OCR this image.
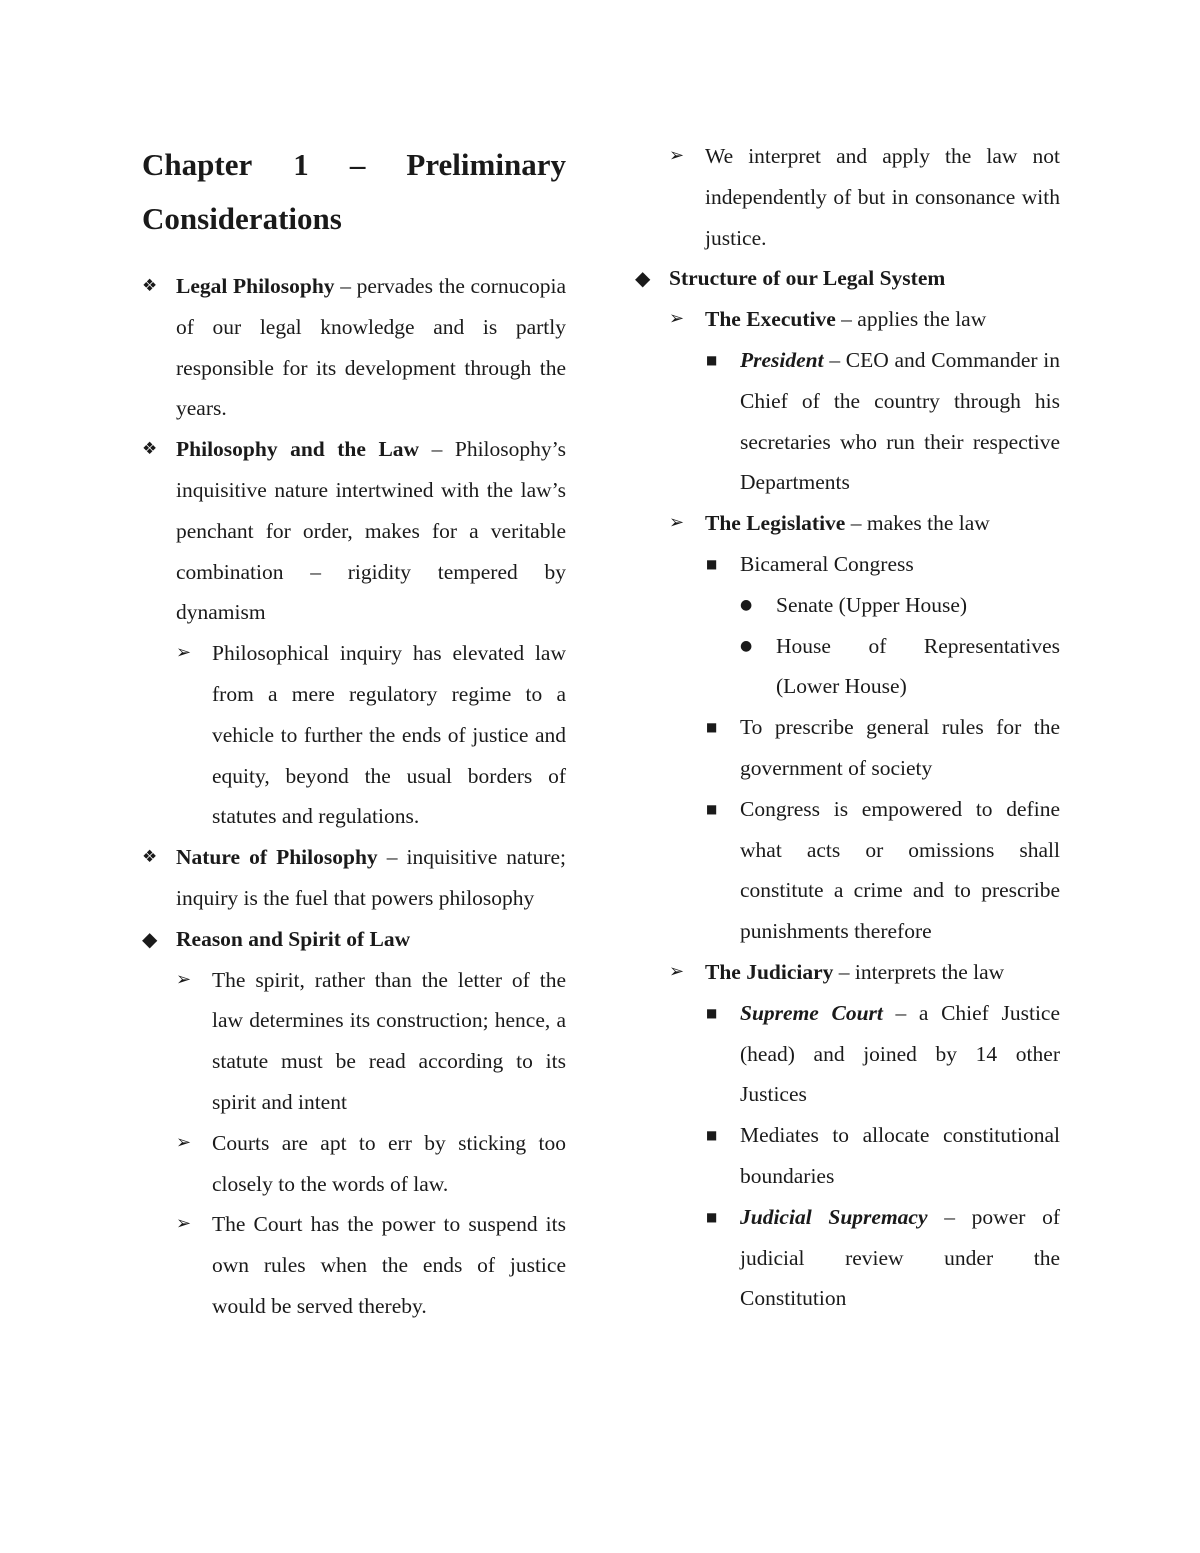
Chapter 1 – Preliminary
Considerations
❖ Legal Philosophy – pervades the cornucopia of our legal knowledge and is partly responsible for its development through the years.
❖ Philosophy and the Law – Philosophy’s inquisitive nature intertwined with the law’s penchant for order, makes for a veritable combination – rigidity tempered by dynamism
➢ Philosophical inquiry has elevated law from a mere regulatory regime to a vehicle to further the ends of justice and equity, beyond the usual borders of statutes and regulations.
❖ Nature of Philosophy – inquisitive nature; inquiry is the fuel that powers philosophy
◆ Reason and Spirit of Law
➢ The spirit, rather than the letter of the law determines its construction; hence, a statute must be read according to its spirit and intent
➢ Courts are apt to err by sticking too closely to the words of law.
➢ The Court has the power to suspend its own rules when the ends of justice would be served thereby.
➢ We interpret and apply the law not independently of but in consonance with justice.
◆ Structure of our Legal System
➢ The Executive – applies the law
■	President – CEO and Commander in Chief of the country through his secretaries who run their respective Departments
➢ The Legislative – makes the law
■	Bicameral Congress
●	Senate (Upper House)
●	House of Representatives (Lower House)
■	To prescribe general rules for the government of society
■	Congress is empowered to define what acts or omissions shall constitute a crime and to prescribe punishments therefore
➢ The Judiciary – interprets the law
■	Supreme Court – a Chief Justice (head) and joined by 14 other Justices
■	Mediates to allocate constitutional boundaries
■	Judicial Supremacy – power of judicial review under the Constitution
